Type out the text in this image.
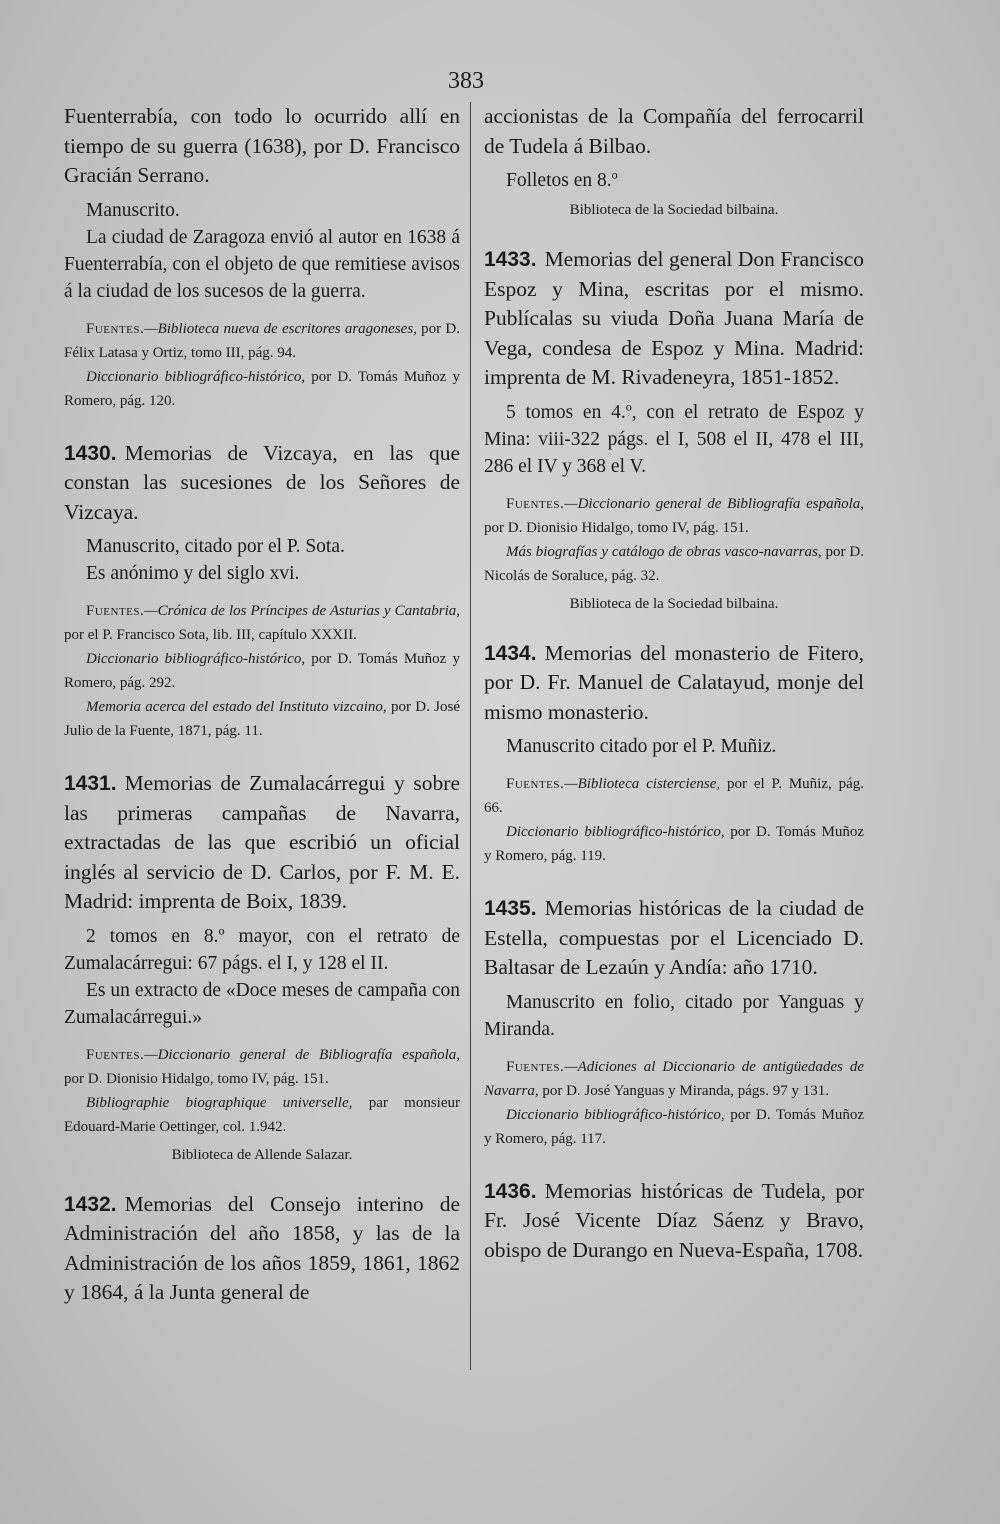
383

Fuenterrabía, con todo lo ocurrido allí en tiempo de su guerra (1638), por D. Francisco Gracián Serrano.

Manuscrito.

La ciudad de Zaragoza envió al autor en 1638 á Fuenterrabía, con el objeto de que remitiese avisos á la ciudad de los sucesos de la guerra.

Fuentes.—Biblioteca nueva de escritores aragoneses, por D. Félix Latasa y Ortiz, tomo III, pág. 94.

Diccionario bibliográfico-histórico, por D. Tomás Muñoz y Romero, pág. 120.

1430. Memorias de Vizcaya, en las que constan las sucesiones de los Señores de Vizcaya.

Manuscrito, citado por el P. Sota.

Es anónimo y del siglo xvi.

Fuentes.—Crónica de los Príncipes de Asturias y Cantabria, por el P. Francisco Sota, lib. III, capítulo XXXII.

Diccionario bibliográfico-histórico, por D. Tomás Muñoz y Romero, pág. 292.

Memoria acerca del estado del Instituto vizcaino, por D. José Julio de la Fuente, 1871, pág. 11.

1431. Memorias de Zumalacárregui y sobre las primeras campañas de Navarra, extractadas de las que escribió un oficial inglés al servicio de D. Carlos, por F. M. E. Madrid: imprenta de Boix, 1839.

2 tomos en 8.º mayor, con el retrato de Zumalacárregui: 67 págs. el I, y 128 el II.

Es un extracto de «Doce meses de campaña con Zumalacárregui.»

Fuentes.—Diccionario general de Bibliografía española, por D. Dionisio Hidalgo, tomo IV, pág. 151.

Bibliographie biographique universelle, par monsieur Edouard-Marie Oettinger, col. 1.942.

Biblioteca de Allende Salazar.

1432. Memorias del Consejo interino de Administración del año 1858, y las de la Administración de los años 1859, 1861, 1862 y 1864, á la Junta general de

accionistas de la Compañía del ferrocarril de Tudela á Bilbao.

Folletos en 8.º

Biblioteca de la Sociedad bilbaina.

1433. Memorias del general Don Francisco Espoz y Mina, escritas por el mismo. Publícalas su viuda Doña Juana María de Vega, condesa de Espoz y Mina. Madrid: imprenta de M. Rivadeneyra, 1851-1852.

5 tomos en 4.º, con el retrato de Espoz y Mina: viii-322 págs. el I, 508 el II, 478 el III, 286 el IV y 368 el V.

Fuentes.—Diccionario general de Bibliografía española, por D. Dionisio Hidalgo, tomo IV, pág. 151.

Más biografías y catálogo de obras vasco-navarras, por D. Nicolás de Soraluce, pág. 32.

Biblioteca de la Sociedad bilbaina.

1434. Memorias del monasterio de Fitero, por D. Fr. Manuel de Calatayud, monje del mismo monasterio.

Manuscrito citado por el P. Muñiz.

Fuentes.—Biblioteca cisterciense, por el P. Muñiz, pág. 66.

Diccionario bibliográfico-histórico, por D. Tomás Muñoz y Romero, pág. 119.

1435. Memorias históricas de la ciudad de Estella, compuestas por el Licenciado D. Baltasar de Lezaún y Andía: año 1710.

Manuscrito en folio, citado por Yanguas y Miranda.

Fuentes.—Adiciones al Diccionario de antigüedades de Navarra, por D. José Yanguas y Miranda, págs. 97 y 131.

Diccionario bibliográfico-histórico, por D. Tomás Muñoz y Romero, pág. 117.

1436. Memorias históricas de Tudela, por Fr. José Vicente Díaz Sáenz y Bravo, obispo de Durango en Nueva-España, 1708.
